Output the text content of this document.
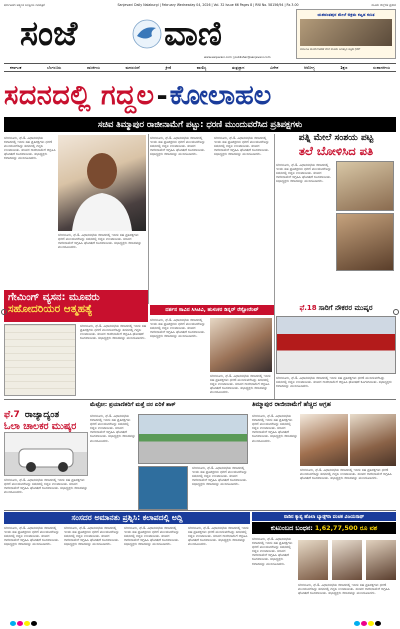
ಕರ್ನಾಟಕದ ಅತ್ಯಂತ ಜನಪ್ರಿಯ ದಿನಪತ್ರಿಕೆ	Sanjevani Daily Nalaburgi | February Wednesday 04, 2026 | Vol. 32 Issue 66 Pages 8 | RNI No. 58156/94 | Rs 3.00	ಮೂರು ಜಿಲ್ಲೆಗಳ ಪ್ರಸಾರ
ಸಂಜೆ	ವಾಣಿ	ಯಶವಂತಪುರ ಮೇಲೆ ಅಕ್ರಮ ಕಟ್ಟಡ ಕುಸಿತ
ಬಿಬಿಎಂಪಿ ಕಾರ್ಯಾಚರಣೆ ವೇಳೆ ಮೂರು ಅಂತಸ್ತಿನ ಕಟ್ಟಡ ಧರೆಗೆ
www.sanjevani.com | publisher@sanjevani.com
ಕರ್ನಾಟಕ	ಬೆಂಗಳೂರು	ರಾಜಕೀಯ	ಮನರಂಜನೆ	ಕ್ರೀಡೆ	ವಾಣಿಜ್ಯ	ತಂತ್ರಜ್ಞಾನ	ವಿದೇಶ	ಆರೋಗ್ಯ	ಶಿಕ್ಷಣ	ಸಂಪಾದಕೀಯ
ಸದನದಲ್ಲಿ ಗದ್ದಲ - ಕೋಲಾಹಲ
ಸಚಿವ ತಿಮ್ಮಾಪುರ ರಾಜೀನಾಮೆಗೆ ಪಟ್ಟು: ಧರಣಿ ಮುಂದುವರೆಸಿದ ಪ್ರತಿಪಕ್ಷಗಳು
ಬೆಂಗಳೂರು, ಫೆ.4- ವಿಧಾನಸಭೆಯ ಕಲಾಪದಲ್ಲಿ ಇಂದು ಸಹ ಪ್ರತಿಪಕ್ಷಗಳು ಧರಣಿ ಮುಂದುವರೆಸಿದ್ದು ಸದನದಲ್ಲಿ ಗದ್ದಲ ಉಂಟಾಯಿತು. ಸಚಿವರ ರಾಜೀನಾಮೆಗೆ ಆಗ್ರಹಿಸಿ ಘೋಷಣೆ ಕೂಗಲಾಯಿತು. ಸಭಾಧ್ಯಕ್ಷರು ಕಲಾಪವನ್ನು ಮುಂದೂಡಿದರು.
ಬೆಂಗಳೂರು, ಫೆ.4- ವಿಧಾನಸಭೆಯ ಕಲಾಪದಲ್ಲಿ ಇಂದು ಸಹ ಪ್ರತಿಪಕ್ಷಗಳು ಧರಣಿ ಮುಂದುವರೆಸಿದ್ದು ಸದನದಲ್ಲಿ ಗದ್ದಲ ಉಂಟಾಯಿತು. ಸಚಿವರ ರಾಜೀನಾಮೆಗೆ ಆಗ್ರಹಿಸಿ ಘೋಷಣೆ ಕೂಗಲಾಯಿತು. ಸಭಾಧ್ಯಕ್ಷರು ಕಲಾಪವನ್ನು ಮುಂದೂಡಿದರು.
ಬೆಂಗಳೂರು, ಫೆ.4- ವಿಧಾನಸಭೆಯ ಕಲಾಪದಲ್ಲಿ ಇಂದು ಸಹ ಪ್ರತಿಪಕ್ಷಗಳು ಧರಣಿ ಮುಂದುವರೆಸಿದ್ದು ಸದನದಲ್ಲಿ ಗದ್ದಲ ಉಂಟಾಯಿತು. ಸಚಿವರ ರಾಜೀನಾಮೆಗೆ ಆಗ್ರಹಿಸಿ ಘೋಷಣೆ ಕೂಗಲಾಯಿತು. ಸಭಾಧ್ಯಕ್ಷರು ಕಲಾಪವನ್ನು ಮುಂದೂಡಿದರು.
ಬೆಂಗಳೂರು, ಫೆ.4- ವಿಧಾನಸಭೆಯ ಕಲಾಪದಲ್ಲಿ ಇಂದು ಸಹ ಪ್ರತಿಪಕ್ಷಗಳು ಧರಣಿ ಮುಂದುವರೆಸಿದ್ದು ಸದನದಲ್ಲಿ ಗದ್ದಲ ಉಂಟಾಯಿತು. ಸಚಿವರ ರಾಜೀನಾಮೆಗೆ ಆಗ್ರಹಿಸಿ ಘೋಷಣೆ ಕೂಗಲಾಯಿತು. ಸಭಾಧ್ಯಕ್ಷರು ಕಲಾಪವನ್ನು ಮುಂದೂಡಿದರು.
ಪತ್ನಿ ಮೇಲೆ ಸಂಶಯ ಪಟ್ಟ
ತಲೆ ಬೋಳಿಸಿದ ಪತಿ
ಬೆಂಗಳೂರು, ಫೆ.4- ವಿಧಾನಸಭೆಯ ಕಲಾಪದಲ್ಲಿ ಇಂದು ಸಹ ಪ್ರತಿಪಕ್ಷಗಳು ಧರಣಿ ಮುಂದುವರೆಸಿದ್ದು ಸದನದಲ್ಲಿ ಗದ್ದಲ ಉಂಟಾಯಿತು. ಸಚಿವರ ರಾಜೀನಾಮೆಗೆ ಆಗ್ರಹಿಸಿ ಘೋಷಣೆ ಕೂಗಲಾಯಿತು. ಸಭಾಧ್ಯಕ್ಷರು ಕಲಾಪವನ್ನು ಮುಂದೂಡಿದರು.
ಗೇಮಿಂಗ್ ವ್ಯಸನ: ಮೂವರು
ಸಹೋದರಿಯರ ಆತ್ಮಹತ್ಯೆ
ಬೆಂಗಳೂರು, ಫೆ.4- ವಿಧಾನಸಭೆಯ ಕಲಾಪದಲ್ಲಿ ಇಂದು ಸಹ ಪ್ರತಿಪಕ್ಷಗಳು ಧರಣಿ ಮುಂದುವರೆಸಿದ್ದು ಸದನದಲ್ಲಿ ಗದ್ದಲ ಉಂಟಾಯಿತು. ಸಚಿವರ ರಾಜೀನಾಮೆಗೆ ಆಗ್ರಹಿಸಿ ಘೋಷಣೆ ಕೂಗಲಾಯಿತು. ಸಭಾಧ್ಯಕ್ಷರು ಕಲಾಪವನ್ನು ಮುಂದೂಡಿದರು.
ದರ್ಶನ ಸಾವಿನ ಸಿಸಿಟಿವಿ, ಹುಳುಕರ ಡಿನ್ನರ್ ರೆಸ್ಟೋರೆಂಟ್
ಬೆಂಗಳೂರು, ಫೆ.4- ವಿಧಾನಸಭೆಯ ಕಲಾಪದಲ್ಲಿ ಇಂದು ಸಹ ಪ್ರತಿಪಕ್ಷಗಳು ಧರಣಿ ಮುಂದುವರೆಸಿದ್ದು ಸದನದಲ್ಲಿ ಗದ್ದಲ ಉಂಟಾಯಿತು. ಸಚಿವರ ರಾಜೀನಾಮೆಗೆ ಆಗ್ರಹಿಸಿ ಘೋಷಣೆ ಕೂಗಲಾಯಿತು. ಸಭಾಧ್ಯಕ್ಷರು ಕಲಾಪವನ್ನು ಮುಂದೂಡಿದರು.
ಬೆಂಗಳೂರು, ಫೆ.4- ವಿಧಾನಸಭೆಯ ಕಲಾಪದಲ್ಲಿ ಇಂದು ಸಹ ಪ್ರತಿಪಕ್ಷಗಳು ಧರಣಿ ಮುಂದುವರೆಸಿದ್ದು ಸದನದಲ್ಲಿ ಗದ್ದಲ ಉಂಟಾಯಿತು. ಸಚಿವರ ರಾಜೀನಾಮೆಗೆ ಆಗ್ರಹಿಸಿ ಘೋಷಣೆ ಕೂಗಲಾಯಿತು. ಸಭಾಧ್ಯಕ್ಷರು ಕಲಾಪವನ್ನು ಮುಂದೂಡಿದರು.
ಫೆ.18 ಸಾರಿಗೆ ನೌಕರರ ಮುಷ್ಕರ
ಬೆಂಗಳೂರು, ಫೆ.4- ವಿಧಾನಸಭೆಯ ಕಲಾಪದಲ್ಲಿ ಇಂದು ಸಹ ಪ್ರತಿಪಕ್ಷಗಳು ಧರಣಿ ಮುಂದುವರೆಸಿದ್ದು ಸದನದಲ್ಲಿ ಗದ್ದಲ ಉಂಟಾಯಿತು. ಸಚಿವರ ರಾಜೀನಾಮೆಗೆ ಆಗ್ರಹಿಸಿ ಘೋಷಣೆ ಕೂಗಲಾಯಿತು. ಸಭಾಧ್ಯಕ್ಷರು ಕಲಾಪವನ್ನು ಮುಂದೂಡಿದರು.
ಫೆ.7 ರಾಜ್ಯಾದ್ಯಂತ
ಓಲಾ ಚಾಲಕರ ಮುಷ್ಕರ
ಬೆಂಗಳೂರು, ಫೆ.4- ವಿಧಾನಸಭೆಯ ಕಲಾಪದಲ್ಲಿ ಇಂದು ಸಹ ಪ್ರತಿಪಕ್ಷಗಳು ಧರಣಿ ಮುಂದುವರೆಸಿದ್ದು ಸದನದಲ್ಲಿ ಗದ್ದಲ ಉಂಟಾಯಿತು. ಸಚಿವರ ರಾಜೀನಾಮೆಗೆ ಆಗ್ರಹಿಸಿ ಘೋಷಣೆ ಕೂಗಲಾಯಿತು. ಸಭಾಧ್ಯಕ್ಷರು ಕಲಾಪವನ್ನು ಮುಂದೂಡಿದರು.
ಮೆಟ್ರೋ: ಪ್ರಯಾಣಿಕರಿಗೆ ಮತ್ತೆ ದರ ಏರಿಕೆ ಶಾಕ್
ಬೆಂಗಳೂರು, ಫೆ.4- ವಿಧಾನಸಭೆಯ ಕಲಾಪದಲ್ಲಿ ಇಂದು ಸಹ ಪ್ರತಿಪಕ್ಷಗಳು ಧರಣಿ ಮುಂದುವರೆಸಿದ್ದು ಸದನದಲ್ಲಿ ಗದ್ದಲ ಉಂಟಾಯಿತು. ಸಚಿವರ ರಾಜೀನಾಮೆಗೆ ಆಗ್ರಹಿಸಿ ಘೋಷಣೆ ಕೂಗಲಾಯಿತು. ಸಭಾಧ್ಯಕ್ಷರು ಕಲಾಪವನ್ನು ಮುಂದೂಡಿದರು.
ಬೆಂಗಳೂರು, ಫೆ.4- ವಿಧಾನಸಭೆಯ ಕಲಾಪದಲ್ಲಿ ಇಂದು ಸಹ ಪ್ರತಿಪಕ್ಷಗಳು ಧರಣಿ ಮುಂದುವರೆಸಿದ್ದು ಸದನದಲ್ಲಿ ಗದ್ದಲ ಉಂಟಾಯಿತು. ಸಚಿವರ ರಾಜೀನಾಮೆಗೆ ಆಗ್ರಹಿಸಿ ಘೋಷಣೆ ಕೂಗಲಾಯಿತು. ಸಭಾಧ್ಯಕ್ಷರು ಕಲಾಪವನ್ನು ಮುಂದೂಡಿದರು.
ತಿಮ್ಮಾಪುರ ರಾಜೀನಾಮೆಗೆ ಹೆಚ್ಚಿದ ಆಗ್ರಹ
ಬೆಂಗಳೂರು, ಫೆ.4- ವಿಧಾನಸಭೆಯ ಕಲಾಪದಲ್ಲಿ ಇಂದು ಸಹ ಪ್ರತಿಪಕ್ಷಗಳು ಧರಣಿ ಮುಂದುವರೆಸಿದ್ದು ಸದನದಲ್ಲಿ ಗದ್ದಲ ಉಂಟಾಯಿತು. ಸಚಿವರ ರಾಜೀನಾಮೆಗೆ ಆಗ್ರಹಿಸಿ ಘೋಷಣೆ ಕೂಗಲಾಯಿತು. ಸಭಾಧ್ಯಕ್ಷರು ಕಲಾಪವನ್ನು ಮುಂದೂಡಿದರು.
ಬೆಂಗಳೂರು, ಫೆ.4- ವಿಧಾನಸಭೆಯ ಕಲಾಪದಲ್ಲಿ ಇಂದು ಸಹ ಪ್ರತಿಪಕ್ಷಗಳು ಧರಣಿ ಮುಂದುವರೆಸಿದ್ದು ಸದನದಲ್ಲಿ ಗದ್ದಲ ಉಂಟಾಯಿತು. ಸಚಿವರ ರಾಜೀನಾಮೆಗೆ ಆಗ್ರಹಿಸಿ ಘೋಷಣೆ ಕೂಗಲಾಯಿತು. ಸಭಾಧ್ಯಕ್ಷರು ಕಲಾಪವನ್ನು ಮುಂದೂಡಿದರು.
ಸಂಸದರ ಅಮಾನತು ಪ್ರಶ್ನಿಸಿ: ಕಲಾಪದಲ್ಲಿ ಅದ್ದಿ
ಬೆಂಗಳೂರು, ಫೆ.4- ವಿಧಾನಸಭೆಯ ಕಲಾಪದಲ್ಲಿ ಇಂದು ಸಹ ಪ್ರತಿಪಕ್ಷಗಳು ಧರಣಿ ಮುಂದುವರೆಸಿದ್ದು ಸದನದಲ್ಲಿ ಗದ್ದಲ ಉಂಟಾಯಿತು. ಸಚಿವರ ರಾಜೀನಾಮೆಗೆ ಆಗ್ರಹಿಸಿ ಘೋಷಣೆ ಕೂಗಲಾಯಿತು. ಸಭಾಧ್ಯಕ್ಷರು ಕಲಾಪವನ್ನು ಮುಂದೂಡಿದರು.
ಬೆಂಗಳೂರು, ಫೆ.4- ವಿಧಾನಸಭೆಯ ಕಲಾಪದಲ್ಲಿ ಇಂದು ಸಹ ಪ್ರತಿಪಕ್ಷಗಳು ಧರಣಿ ಮುಂದುವರೆಸಿದ್ದು ಸದನದಲ್ಲಿ ಗದ್ದಲ ಉಂಟಾಯಿತು. ಸಚಿವರ ರಾಜೀನಾಮೆಗೆ ಆಗ್ರಹಿಸಿ ಘೋಷಣೆ ಕೂಗಲಾಯಿತು. ಸಭಾಧ್ಯಕ್ಷರು ಕಲಾಪವನ್ನು ಮುಂದೂಡಿದರು.
ಬೆಂಗಳೂರು, ಫೆ.4- ವಿಧಾನಸಭೆಯ ಕಲಾಪದಲ್ಲಿ ಇಂದು ಸಹ ಪ್ರತಿಪಕ್ಷಗಳು ಧರಣಿ ಮುಂದುವರೆಸಿದ್ದು ಸದನದಲ್ಲಿ ಗದ್ದಲ ಉಂಟಾಯಿತು. ಸಚಿವರ ರಾಜೀನಾಮೆಗೆ ಆಗ್ರಹಿಸಿ ಘೋಷಣೆ ಕೂಗಲಾಯಿತು. ಸಭಾಧ್ಯಕ್ಷರು ಕಲಾಪವನ್ನು ಮುಂದೂಡಿದರು.
ಬೆಂಗಳೂರು, ಫೆ.4- ವಿಧಾನಸಭೆಯ ಕಲಾಪದಲ್ಲಿ ಇಂದು ಸಹ ಪ್ರತಿಪಕ್ಷಗಳು ಧರಣಿ ಮುಂದುವರೆಸಿದ್ದು ಸದನದಲ್ಲಿ ಗದ್ದಲ ಉಂಟಾಯಿತು. ಸಚಿವರ ರಾಜೀನಾಮೆಗೆ ಆಗ್ರಹಿಸಿ ಘೋಷಣೆ ಕೂಗಲಾಯಿತು. ಸಭಾಧ್ಯಕ್ಷರು ಕಲಾಪವನ್ನು ಮುಂದೂಡಿದರು.
ನಾಡಿನ ಕ್ಯಾಪ್ಟ ಹೊಲಾ ಬ್ಯಾಡ್ಸ್‌ರಾ ವಂಚಕ ವಿಜಯನಾಥ್
ಕುಟುಂಬದ ಬಂಧನ: 1,62,77,500 ರೂ ವಶ
ಬೆಂಗಳೂರು, ಫೆ.4- ವಿಧಾನಸಭೆಯ ಕಲಾಪದಲ್ಲಿ ಇಂದು ಸಹ ಪ್ರತಿಪಕ್ಷಗಳು ಧರಣಿ ಮುಂದುವರೆಸಿದ್ದು ಸದನದಲ್ಲಿ ಗದ್ದಲ ಉಂಟಾಯಿತು. ಸಚಿವರ ರಾಜೀನಾಮೆಗೆ ಆಗ್ರಹಿಸಿ ಘೋಷಣೆ ಕೂಗಲಾಯಿತು. ಸಭಾಧ್ಯಕ್ಷರು ಕಲಾಪವನ್ನು ಮುಂದೂಡಿದರು.
ಬೆಂಗಳೂರು, ಫೆ.4- ವಿಧಾನಸಭೆಯ ಕಲಾಪದಲ್ಲಿ ಇಂದು ಸಹ ಪ್ರತಿಪಕ್ಷಗಳು ಧರಣಿ ಮುಂದುವರೆಸಿದ್ದು ಸದನದಲ್ಲಿ ಗದ್ದಲ ಉಂಟಾಯಿತು. ಸಚಿವರ ರಾಜೀನಾಮೆಗೆ ಆಗ್ರಹಿಸಿ ಘೋಷಣೆ ಕೂಗಲಾಯಿತು. ಸಭಾಧ್ಯಕ್ಷರು ಕಲಾಪವನ್ನು ಮುಂದೂಡಿದರು.
